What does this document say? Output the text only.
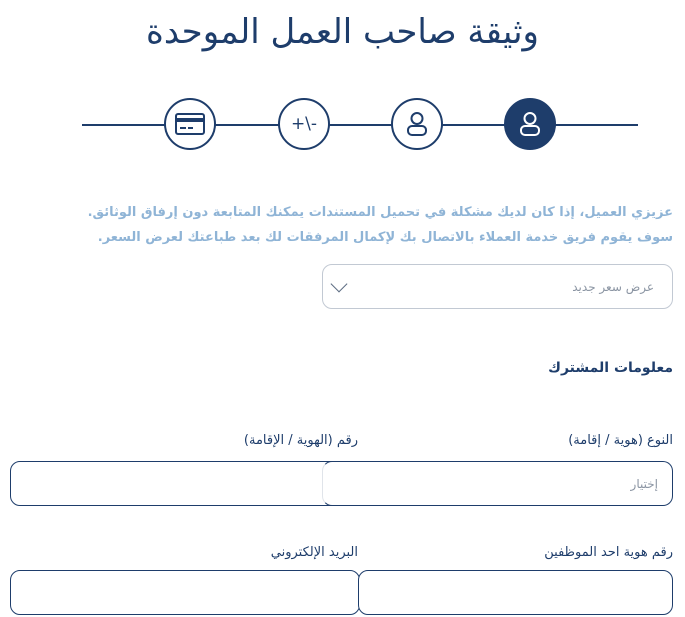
وثيقة صاحب العمل الموحدة
+\-
عزيزي العميل، إذا كان لديك مشكلة في تحميل المستندات يمكنك المتابعة دون إرفاق الوثائق.
سوف يقوم فريق خدمة العملاء بالاتصال بك لإكمال المرفقات لك بعد طباعتك لعرض السعر.
عرض سعر جديد
معلومات المشترك
النوع (هوية / إقامة)
رقم (الهوية / الإقامة)
إختيار
رقم هوية احد الموظفين
البريد الإلكتروني
